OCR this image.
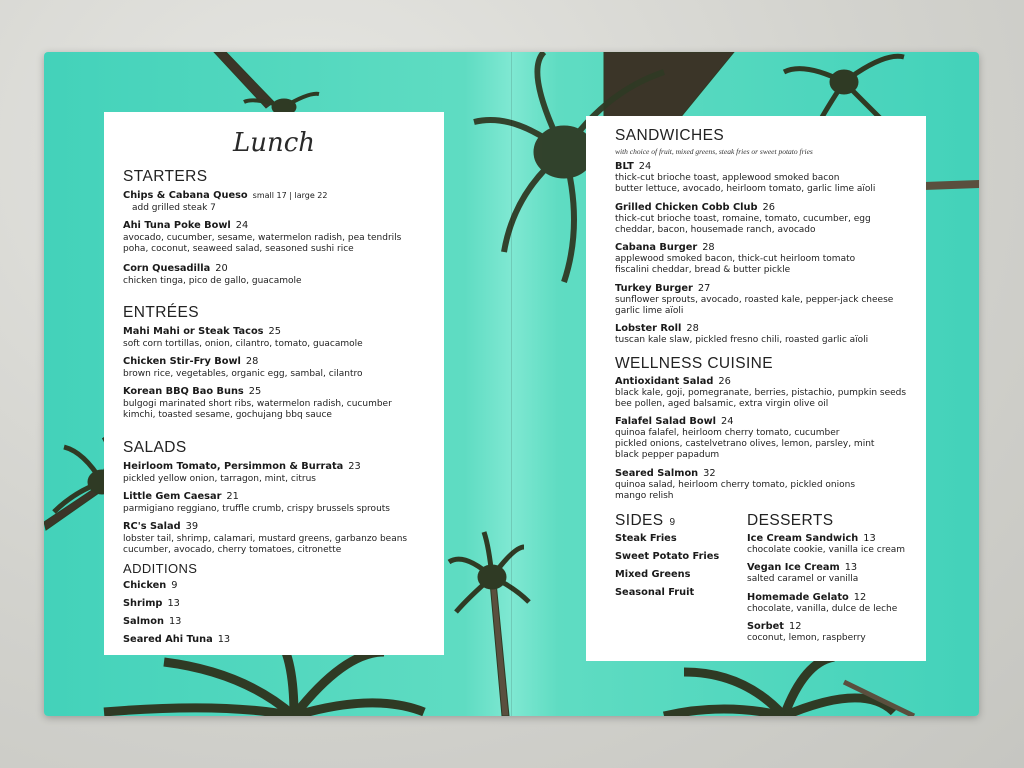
Lunch
STARTERS
Chips & Cabana Queso small 17 | large 22
add grilled steak 7
Ahi Tuna Poke Bowl 24
avocado, cucumber, sesame, watermelon radish, pea tendrils
poha, coconut, seaweed salad, seasoned sushi rice
Corn Quesadilla 20
chicken tinga, pico de gallo, guacamole
ENTRÉES
Mahi Mahi or Steak Tacos 25
soft corn tortillas, onion, cilantro, tomato, guacamole
Chicken Stir-Fry Bowl 28
brown rice, vegetables, organic egg, sambal, cilantro
Korean BBQ Bao Buns 25
bulgogi marinated short ribs, watermelon radish, cucumber
kimchi, toasted sesame, gochujang bbq sauce
SALADS
Heirloom Tomato, Persimmon & Burrata 23
pickled yellow onion, tarragon, mint, citrus
Little Gem Caesar 21
parmigiano reggiano, truffle crumb, crispy brussels sprouts
RC's Salad 39
lobster tail, shrimp, calamari, mustard greens, garbanzo beans
cucumber, avocado, cherry tomatoes, citronette
ADDITIONS
Chicken 9
Shrimp 13
Salmon 13
Seared Ahi Tuna 13
SANDWICHES
with choice of fruit, mixed greens, steak fries or sweet potato fries
BLT 24
thick-cut brioche toast, applewood smoked bacon
butter lettuce, avocado, heirloom tomato, garlic lime aïoli
Grilled Chicken Cobb Club 26
thick-cut brioche toast, romaine, tomato, cucumber, egg
cheddar, bacon, housemade ranch, avocado
Cabana Burger 28
applewood smoked bacon, thick-cut heirloom tomato
fiscalini cheddar, bread & butter pickle
Turkey Burger 27
sunflower sprouts, avocado, roasted kale, pepper-jack cheese
garlic lime aïoli
Lobster Roll 28
tuscan kale slaw, pickled fresno chili, roasted garlic aïoli
WELLNESS CUISINE
Antioxidant Salad 26
black kale, goji, pomegranate, berries, pistachio, pumpkin seeds
bee pollen, aged balsamic, extra virgin olive oil
Falafel Salad Bowl 24
quinoa falafel, heirloom cherry tomato, cucumber
pickled onions, castelvetrano olives, lemon, parsley, mint
black pepper papadum
Seared Salmon 32
quinoa salad, heirloom cherry tomato, pickled onions
mango relish
SIDES 9
Steak Fries
Sweet Potato Fries
Mixed Greens
Seasonal Fruit
DESSERTS
Ice Cream Sandwich 13
chocolate cookie, vanilla ice cream
Vegan Ice Cream 13
salted caramel or vanilla
Homemade Gelato 12
chocolate, vanilla, dulce de leche
Sorbet 12
coconut, lemon, raspberry
